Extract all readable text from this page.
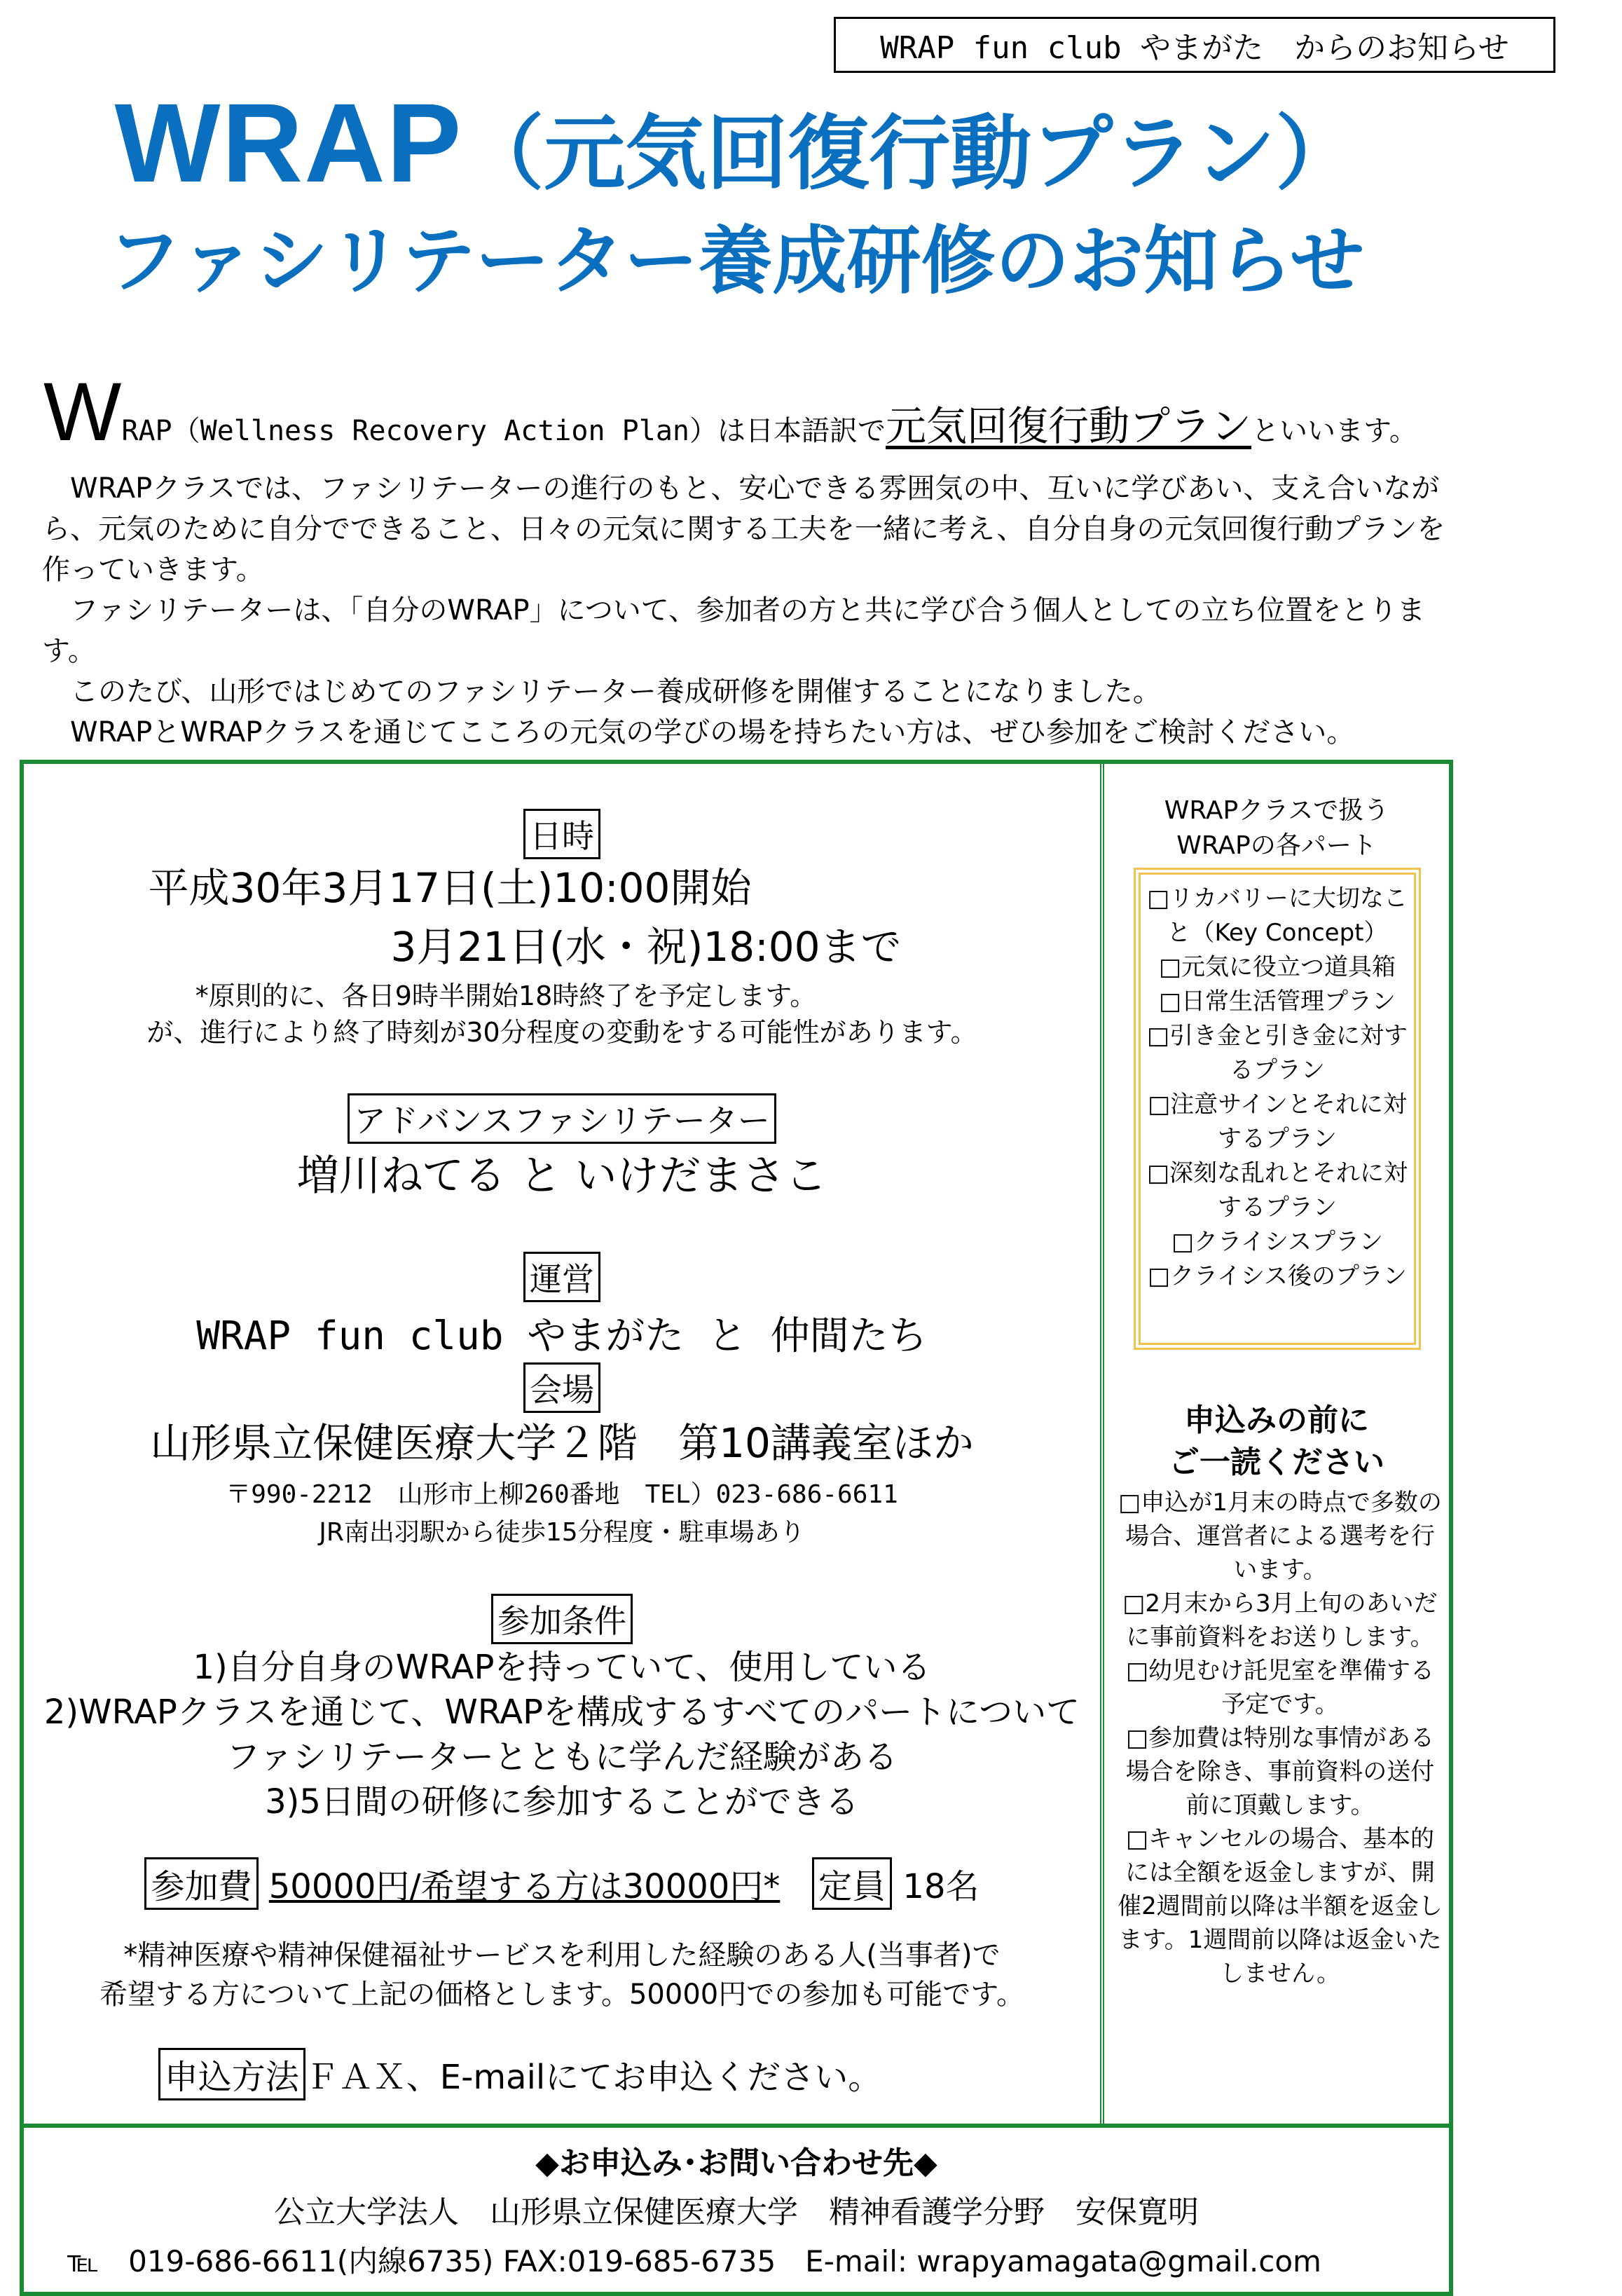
WRAP fun club やまがた　からのお知らせ
WRAP（元気回復行動プラン）
ファシリテーター養成研修のお知らせ
WRAP（Wellness Recovery Action Plan）は日本語訳で元気回復行動プランといいます。

　WRAPクラスでは、ファシリテーターの進行のもと、安心できる雰囲気の中、互いに学びあい、支え合いながら、元気のために自分でできること、日々の元気に関する工夫を一緒に考え、自分自身の元気回復行動プランを作っていきます。

　ファシリテーターは、「自分のWRAP」について、参加者の方と共に学び合う個人としての立ち位置をとります。

　このたび、山形ではじめてのファシリテーター養成研修を開催することになりました。

　WRAPとWRAPクラスを通じてこころの元気の学びの場を持ちたい方は、ぜひ参加をご検討ください。

日時
平成30年3月17日(土)10:00開始
3月21日(水・祝)18:00まで
*原則的に、各日9時半開始18時終了を予定します。
が、進行により終了時刻が30分程度の変動をする可能性があります。
アドバンスファシリテーター
増川ねてる と いけだまさこ
運営
WRAP fun club やまがた と 仲間たち
会場
山形県立保健医療大学２階　第10講義室ほか
〒990-2212　山形市上柳260番地　TEL）023-686-6611
JR南出羽駅から徒歩15分程度・駐車場あり
参加条件
1)自分自身のWRAPを持っていて、使用している
2)WRAPクラスを通じて、WRAPを構成するすべてのパートについて
ファシリテーターとともに学んだ経験がある
3)5日間の研修に参加することができる
参加費 50000円/希望する方は30000円* 定員 18名
*精神医療や精神保健福祉サービスを利用した経験のある人(当事者)で
希望する方について上記の価格とします。50000円での参加も可能です。
申込方法 ＦＡＸ、E-mailにてお申込ください。
WRAPクラスで扱う
WRAPの各パート
□リカバリーに大切なこと（Key Concept）
□元気に役立つ道具箱
□日常生活管理プラン
□引き金と引き金に対するプラン
□注意サインとそれに対するプラン
□深刻な乱れとそれに対するプラン
□クライシスプラン
□クライシス後のプラン
申込みの前に
ご一読ください
□申込が1月末の時点で多数の場合、運営者による選考を行います。
□2月末から3月上旬のあいだに事前資料をお送りします。
□幼児むけ託児室を準備する予定です。
□参加費は特別な事情がある場合を除き、事前資料の送付前に頂戴します。
□キャンセルの場合、基本的には全額を返金しますが、開催2週間前以降は半額を返金します。1週間前以降は返金いたしません。
◆お申込み･お問い合わせ先◆
公立大学法人　山形県立保健医療大学　精神看護学分野　安保寛明
℡　019-686-6611(内線6735) FAX:019-685-6735　E-mail: wrapyamagata@gmail.com
